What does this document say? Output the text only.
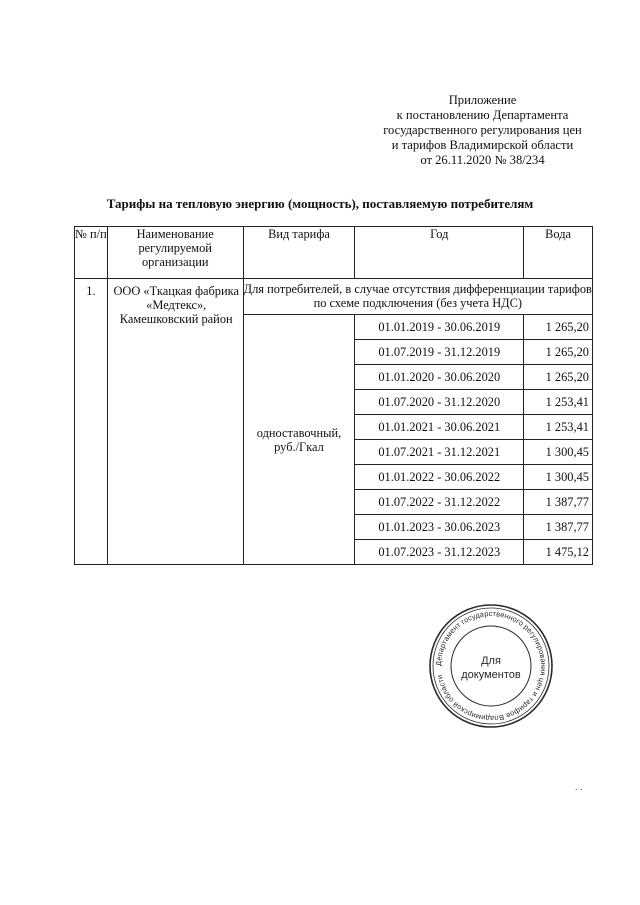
Приложение
к постановлению Департамента
государственного регулирования цен
и тарифов Владимирской области
от 26.11.2020 № 38/234
Тарифы на тепловую энергию (мощность), поставляемую потребителям
№ п/п	Наименование регулируемой организации	Вид тарифа	Год	Вода
1.	ООО «Ткацкая фабрика «Медтекс», Камешковский район	Для потребителей, в случае отсутствия дифференциации тарифов по схеме подключения (без учета НДС)		
		одноставочный, руб./Гкал	01.01.2019 - 30.06.2019	1 265,20
			01.07.2019 - 31.12.2019	1 265,20
			01.01.2020 - 30.06.2020	1 265,20
			01.07.2020 - 31.12.2020	1 253,41
			01.01.2021 - 30.06.2021	1 253,41
			01.07.2021 - 31.12.2021	1 300,45
			01.01.2022 - 30.06.2022	1 300,45
			01.07.2022 - 31.12.2022	1 387,77
			01.01.2023 - 30.06.2023	1 387,77
			01.07.2023 - 31.12.2023	1 475,12
Департамент государственного регулирования цен и тарифов Владимирской области
Для
документов
. .
